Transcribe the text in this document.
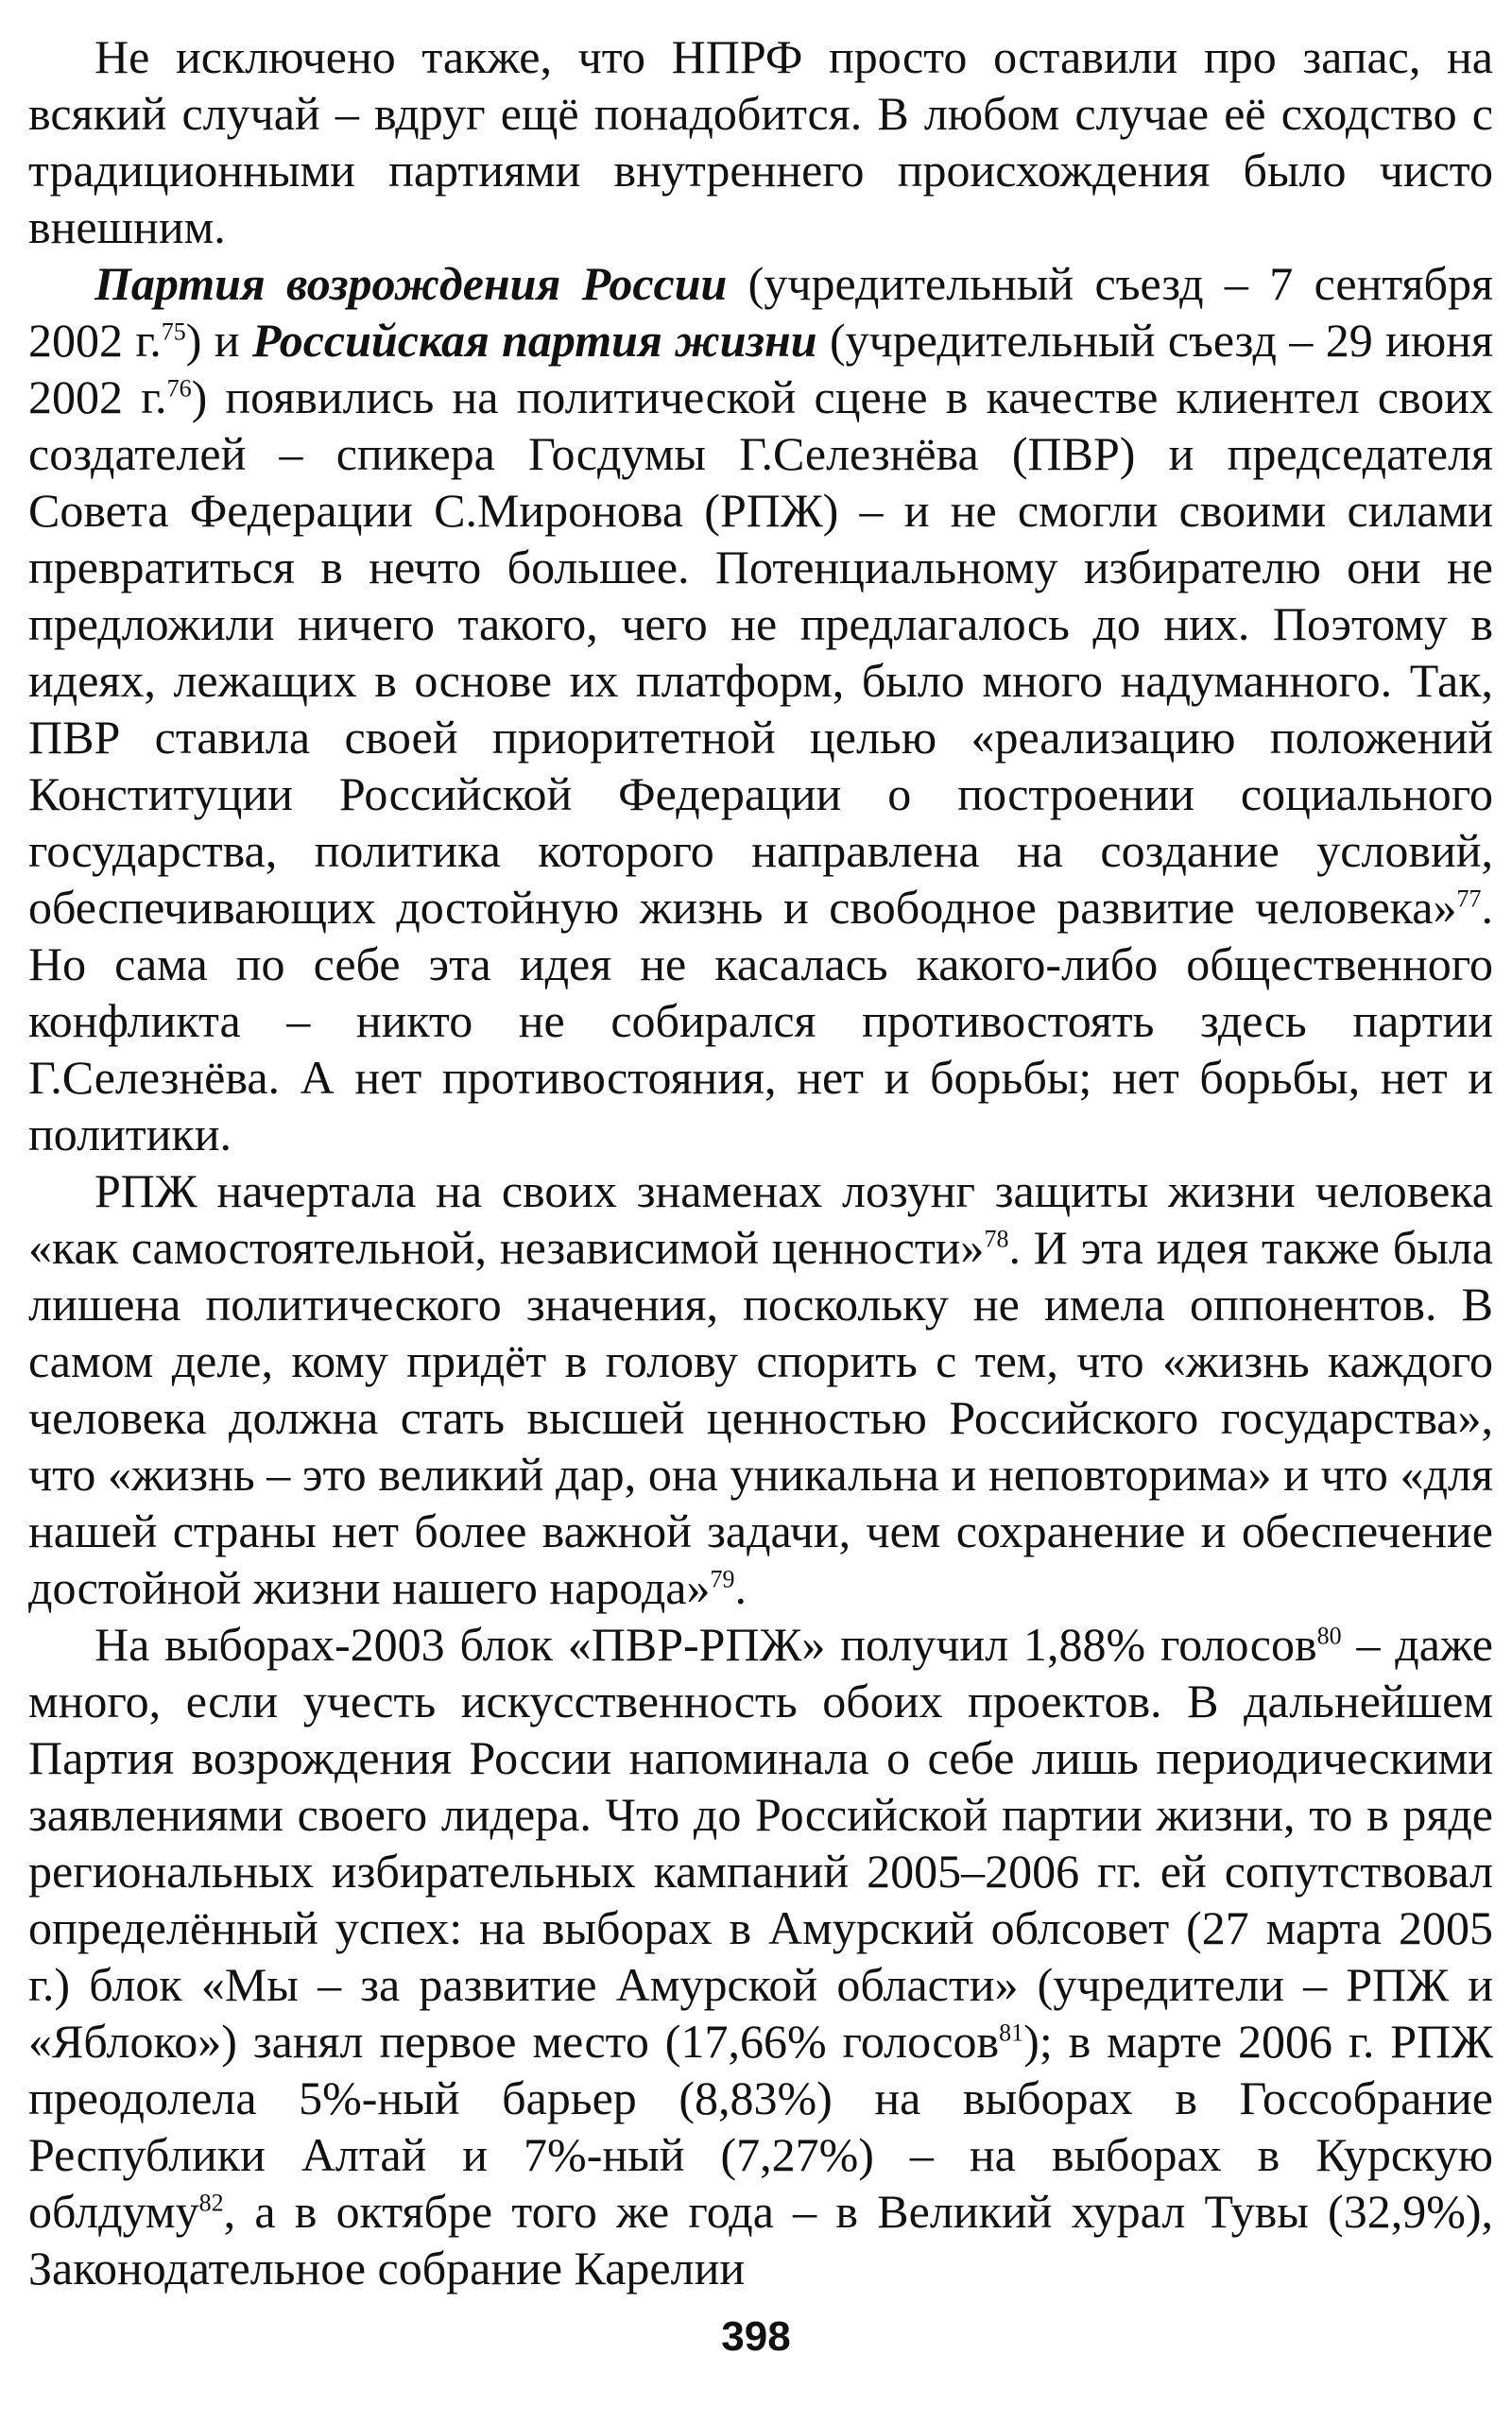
Не исключено также, что НПРФ просто оставили про запас, на всякий случай – вдруг ещё понадобится. В любом случае её сходство с традиционными партиями внутреннего происхождения было чисто внешним.

Партия возрождения России (учредительный съезд – 7 сентября 2002 г.$^{75}$) и Российская партия жизни (учредительный съезд – 29 июня 2002 г.$^{76}$) появились на политической сцене в качестве клиентел своих создателей – спикера Госдумы Г.Селезнёва (ПВР) и председателя Совета Федерации С.Миронова (РПЖ) – и не смогли своими силами превратиться в нечто большее. Потенциальному избирателю они не предложили ничего такого, чего не предлагалось до них. Поэтому в идеях, лежащих в основе их платформ, было много надуманного. Так, ПВР ставила своей приоритетной целью «реализацию положений Конституции Российской Федерации о построении социального государства, политика которого направлена на создание условий, обеспечивающих достойную жизнь и свободное развитие человека»$^{77}$. Но сама по себе эта идея не касалась какого-либо общественного конфликта – никто не собирался противостоять здесь партии Г.Селезнёва. А нет противостояния, нет и борьбы; нет борьбы, нет и политики.

РПЖ начертала на своих знаменах лозунг защиты жизни человека «как самостоятельной, независимой ценности»$^{78}$. И эта идея также была лишена политического значения, поскольку не имела оппонентов. В самом деле, кому придёт в голову спорить с тем, что «жизнь каждого человека должна стать высшей ценностью Российского государства», что «жизнь – это великий дар, она уникальна и неповторима» и что «для нашей страны нет более важной задачи, чем сохранение и обеспечение достойной жизни нашего народа»$^{79}$.

На выборах-2003 блок «ПВР-РПЖ» получил 1,88% голосов$^{80}$ – даже много, если учесть искусственность обоих проектов. В дальнейшем Партия возрождения России напоминала о себе лишь периодическими заявлениями своего лидера. Что до Российской партии жизни, то в ряде региональных избирательных кампаний 2005–2006 гг. ей сопутствовал определённый успех: на выборах в Амурский облсовет (27 марта 2005 г.) блок «Мы – за развитие Амурской области» (учредители – РПЖ и «Яблоко») занял первое место (17,66% голосов$^{81}$); в марте 2006 г. РПЖ преодолела 5%-ный барьер (8,83%) на выборах в Госсобрание Республики Алтай и 7%-ный (7,27%) – на выборах в Курскую облдуму$^{82}$, а в октябре того же года – в Великий хурал Тувы (32,9%), Законодательное собрание Карелии

398
